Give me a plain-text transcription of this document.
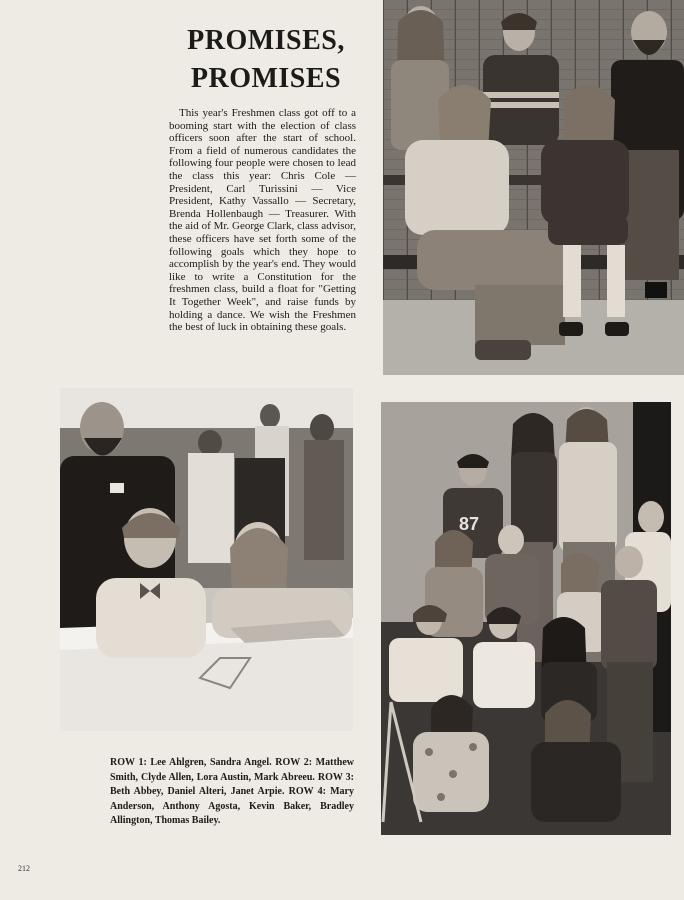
PROMISES,
PROMISES

This year's Freshmen class got off to a booming start with the election of class officers soon after the start of school. From a field of numerous candidates the following four people were chosen to lead the class this year: Chris Cole — President, Carl Turissini — Vice President, Kathy Vassallo — Secretary, Brenda Hollenbaugh — Treasurer. With the aid of Mr. George Clark, class advisor, these officers have set forth some of the following goals which they hope to accomplish by the year's end. They would like to write a Constitution for the freshmen class, build a float for "Getting It Together Week", and raise funds by holding a dance. We wish the Freshmen the best of luck in obtaining these goals.

87

ROW 1: Lee Ahlgren, Sandra Angel. ROW 2: Matthew Smith, Clyde Allen, Lora Austin, Mark Abreeu. ROW 3: Beth Abbey, Daniel Alteri, Janet Arpie. ROW 4: Mary Anderson, Anthony Agosta, Kevin Baker, Bradley Allington, Thomas Bailey.

212
